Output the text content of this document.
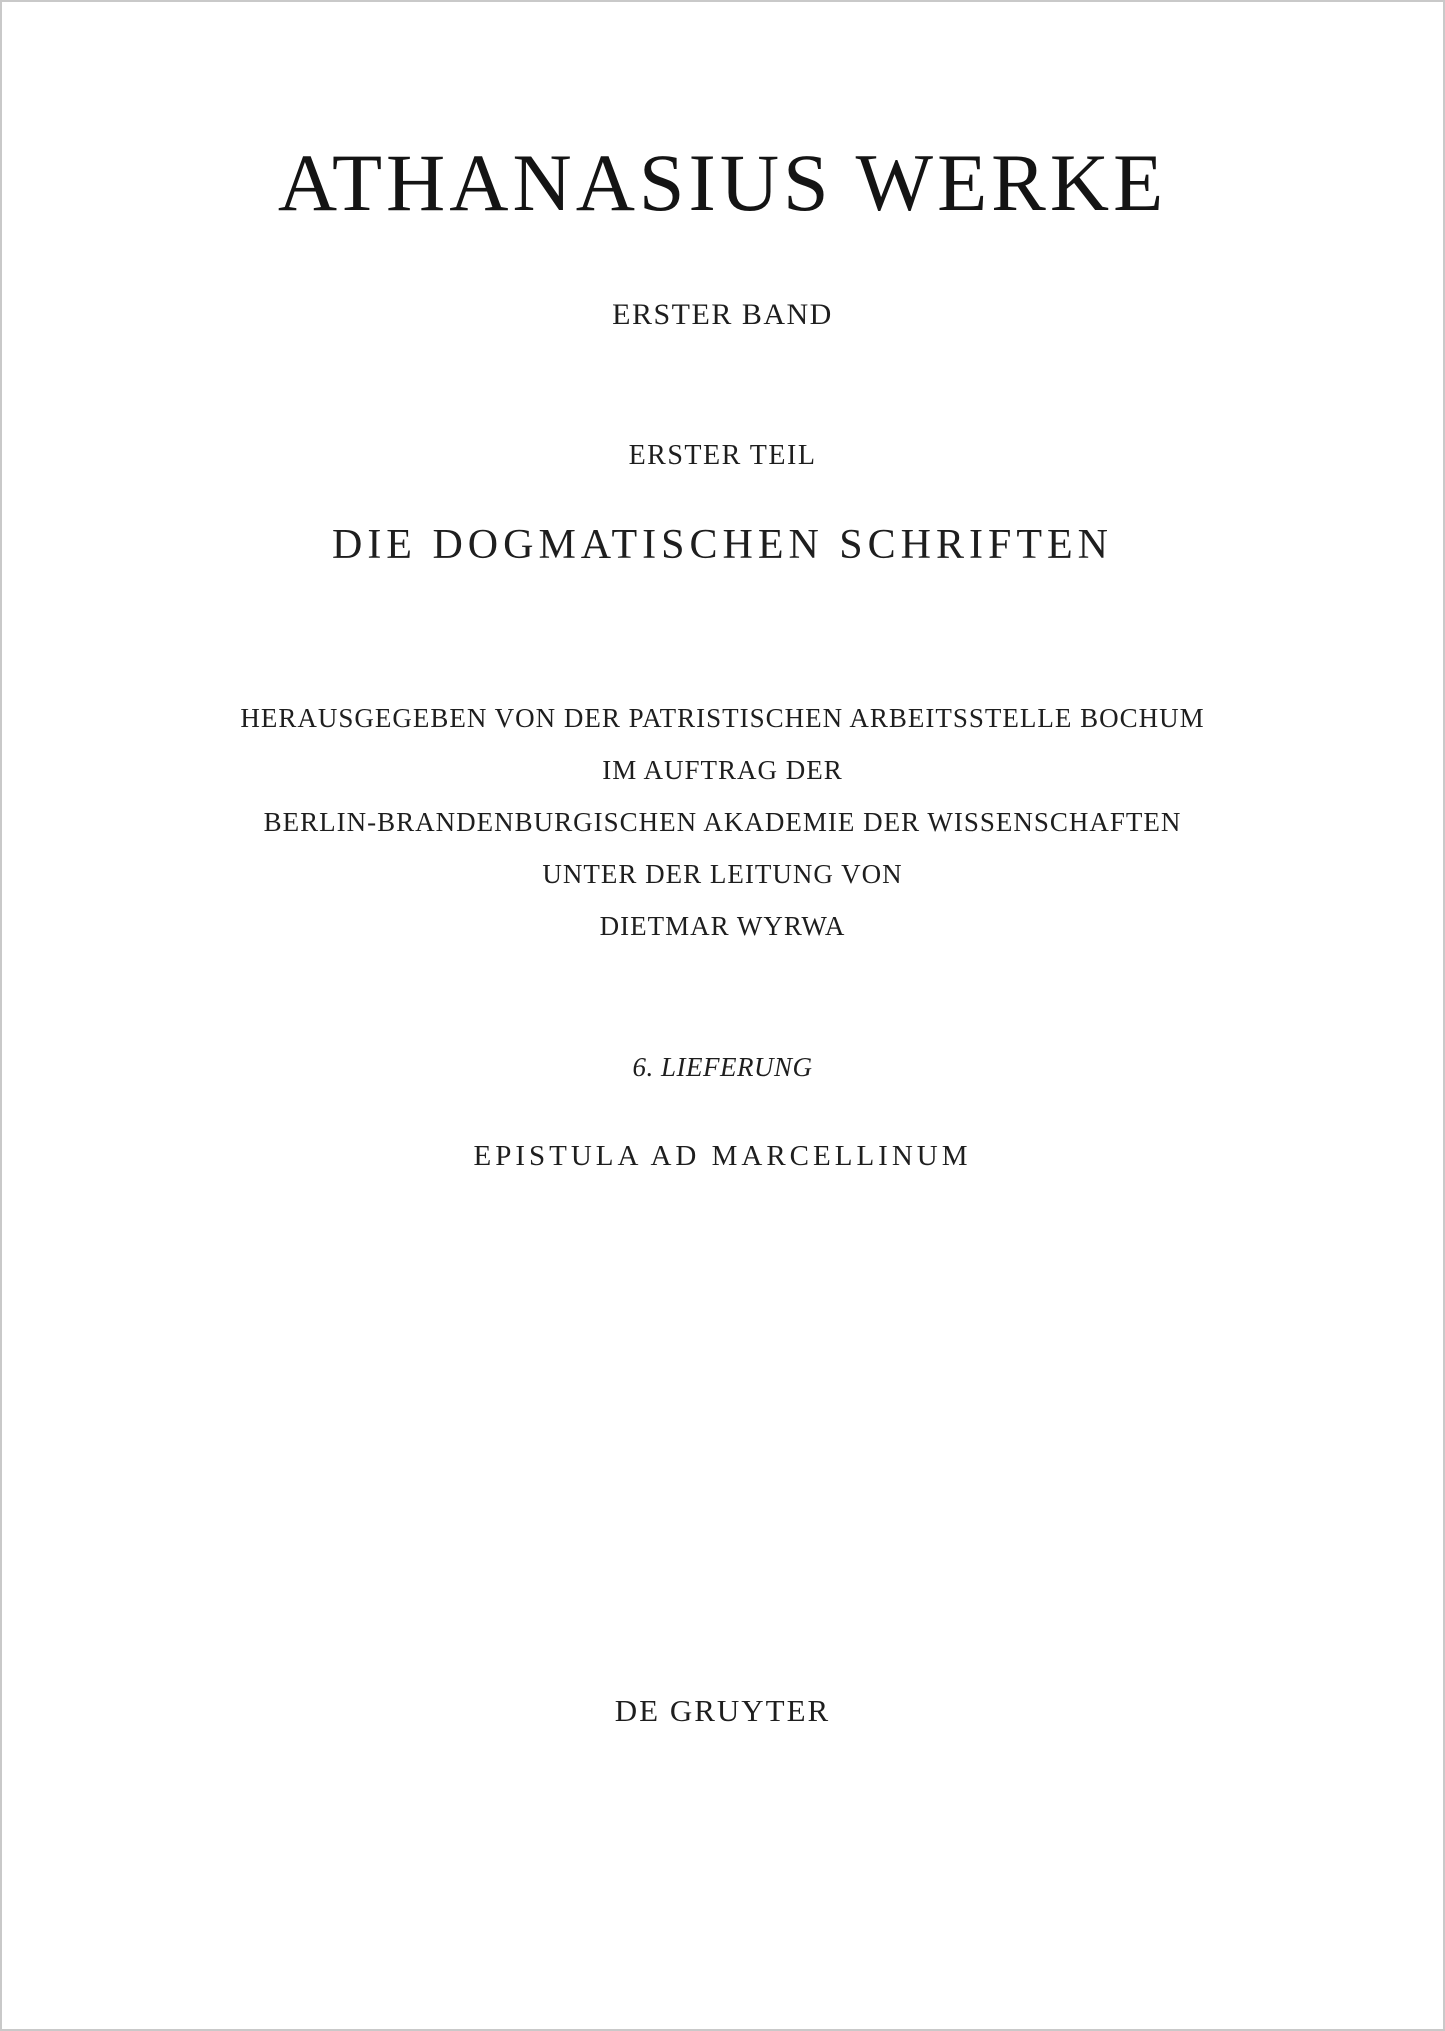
ATHANASIUS WERKE
ERSTER BAND
ERSTER TEIL
DIE DOGMATISCHEN SCHRIFTEN
HERAUSGEGEBEN VON DER PATRISTISCHEN ARBEITSSTELLE BOCHUM
IM AUFTRAG DER
BERLIN-BRANDENBURGISCHEN AKADEMIE DER WISSENSCHAFTEN
UNTER DER LEITUNG VON
DIETMAR WYRWA
6. LIEFERUNG
EPISTULA AD MARCELLINUM
DE GRUYTER
